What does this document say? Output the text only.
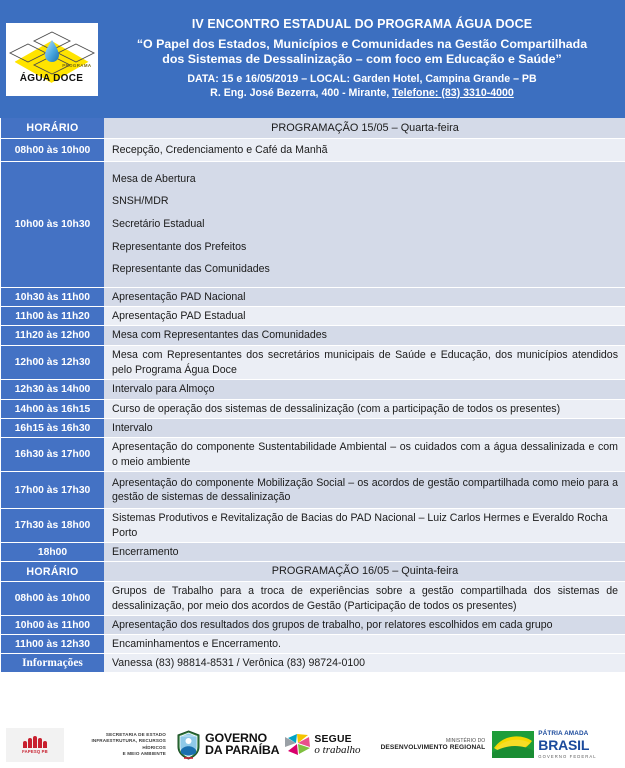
PROGRAMA
ÁGUA DOCE
IV ENCONTRO ESTADUAL DO PROGRAMA ÁGUA DOCE
“O Papel dos Estados, Municípios e Comunidades na Gestão Compartilhada
dos Sistemas de Dessalinização – com foco em Educação e Saúde”
DATA: 15 e 16/05/2019 – LOCAL: Garden Hotel, Campina Grande – PB
R. Eng. José Bezerra, 400 - Mirante, Telefone: (83) 3310-4000
HORÁRIO	PROGRAMAÇÃO 15/05 – Quarta-feira
08h00 às 10h00	Recepção, Credenciamento e Café da Manhã
10h00 às 10h30
Mesa de Abertura
SNSH/MDR
Secretário Estadual
Representante dos Prefeitos
Representante das Comunidades
10h30 às 11h00	Apresentação PAD Nacional
11h00 às 11h20	Apresentação PAD Estadual
11h20 às 12h00	Mesa com Representantes das Comunidades
12h00 às 12h30
Mesa com Representantes dos secretários municipais de Saúde e Educação, dos municípios atendidos pelo Programa Água Doce
12h30 às 14h00	Intervalo para Almoço
14h00 às 16h15	Curso de operação dos sistemas de dessalinização (com a participação de todos os presentes)
16h15 às 16h30	Intervalo
16h30 às 17h00
Apresentação do componente Sustentabilidade Ambiental – os cuidados com a água dessalinizada e com o meio ambiente
17h00 às 17h30
Apresentação do componente Mobilização Social – os acordos de gestão compartilhada como meio para a gestão de sistemas de dessalinização
17h30 às 18h00
Sistemas Produtivos e Revitalização de Bacias do PAD Nacional – Luiz Carlos Hermes e Everaldo Rocha Porto
18h00	Encerramento
HORÁRIO	PROGRAMAÇÃO 16/05 – Quinta-feira
08h00 às 10h00
Grupos de Trabalho para a troca de experiências sobre a gestão compartilhada dos sistemas de dessalinização, por meio dos acordos de Gestão (Participação de todos os presentes)
10h00 às 11h00	Apresentação dos resultados dos grupos de trabalho, por relatores escolhidos em cada grupo
11h00 às 12h30	Encaminhamentos e Encerramento.
Informações	Vanessa (83) 98814-8531 / Verônica (83) 98724-0100
FAPESQ PB
SECRETARIA DE ESTADO
INFRAESTRUTURA, RECURSOS HÍDRICOS
E MEIO AMBIENTE
GOVERNO
DA PARAÍBA
SEGUE
o trabalho
MINISTÉRIO DO
DESENVOLVIMENTO REGIONAL
PÁTRIA AMADA
BRASIL
GOVERNO FEDERAL
